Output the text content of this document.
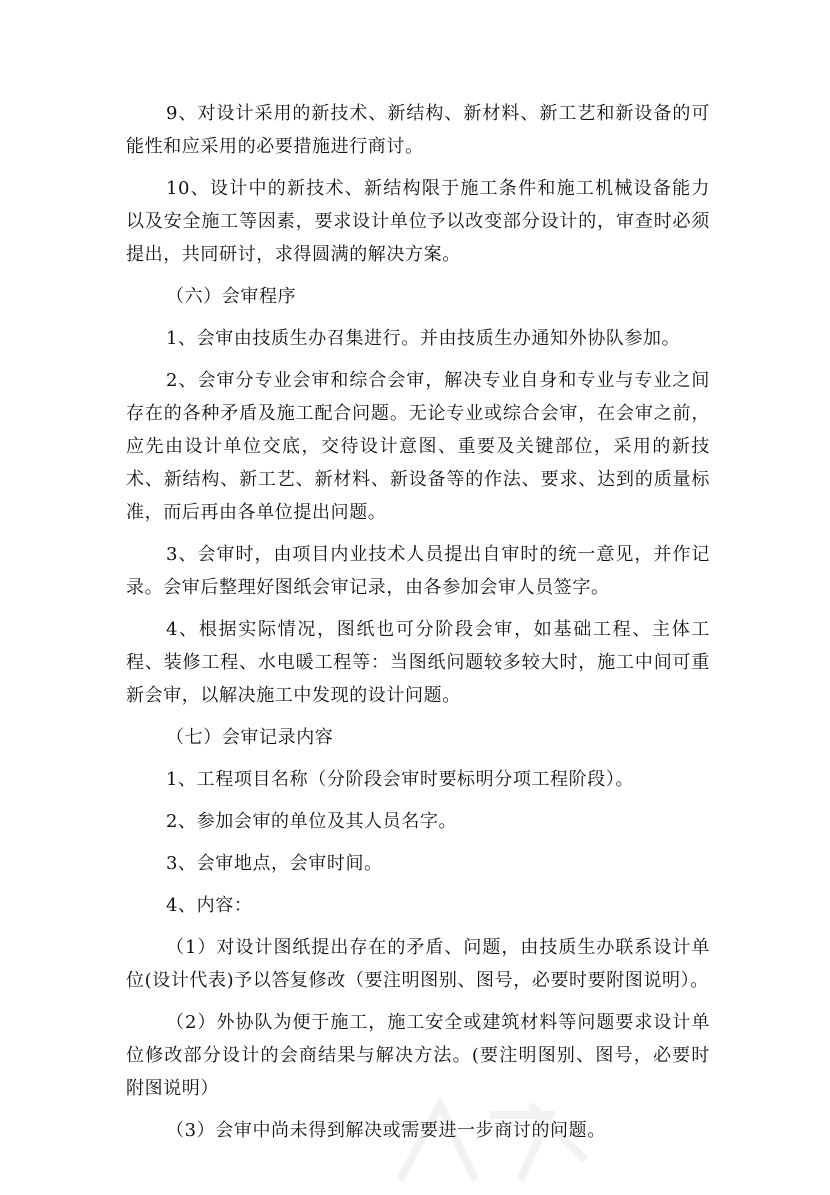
9、对设计采用的新技术、新结构、新材料、新工艺和新设备的可能性和应采用的必要措施进行商讨。

10、设计中的新技术、新结构限于施工条件和施工机械设备能力以及安全施工等因素，要求设计单位予以改变部分设计的，审查时必须提出，共同研讨，求得圆满的解决方案。

（六）会审程序

1、会审由技质生办召集进行。并由技质生办通知外协队参加。

2、会审分专业会审和综合会审，解决专业自身和专业与专业之间存在的各种矛盾及施工配合问题。无论专业或综合会审，在会审之前，应先由设计单位交底，交待设计意图、重要及关键部位，采用的新技术、新结构、新工艺、新材料、新设备等的作法、要求、达到的质量标准，而后再由各单位提出问题。

3、会审时，由项目内业技术人员提出自审时的统一意见，并作记录。会审后整理好图纸会审记录，由各参加会审人员签字。

4、根据实际情况，图纸也可分阶段会审，如基础工程、主体工程、装修工程、水电暖工程等：当图纸问题较多较大时，施工中间可重新会审，以解决施工中发现的设计问题。

（七）会审记录内容

1、工程项目名称（分阶段会审时要标明分项工程阶段）。

2、参加会审的单位及其人员名字。

3、会审地点，会审时间。

4、内容：

（1）对设计图纸提出存在的矛盾、问题，由技质生办联系设计单位(设计代表)予以答复修改（要注明图别、图号，必要时要附图说明）。

（2）外协队为便于施工，施工安全或建筑材料等问题要求设计单位修改部分设计的会商结果与解决方法。(要注明图别、图号，必要时附图说明）

（3）会审中尚未得到解决或需要进一步商讨的问题。
